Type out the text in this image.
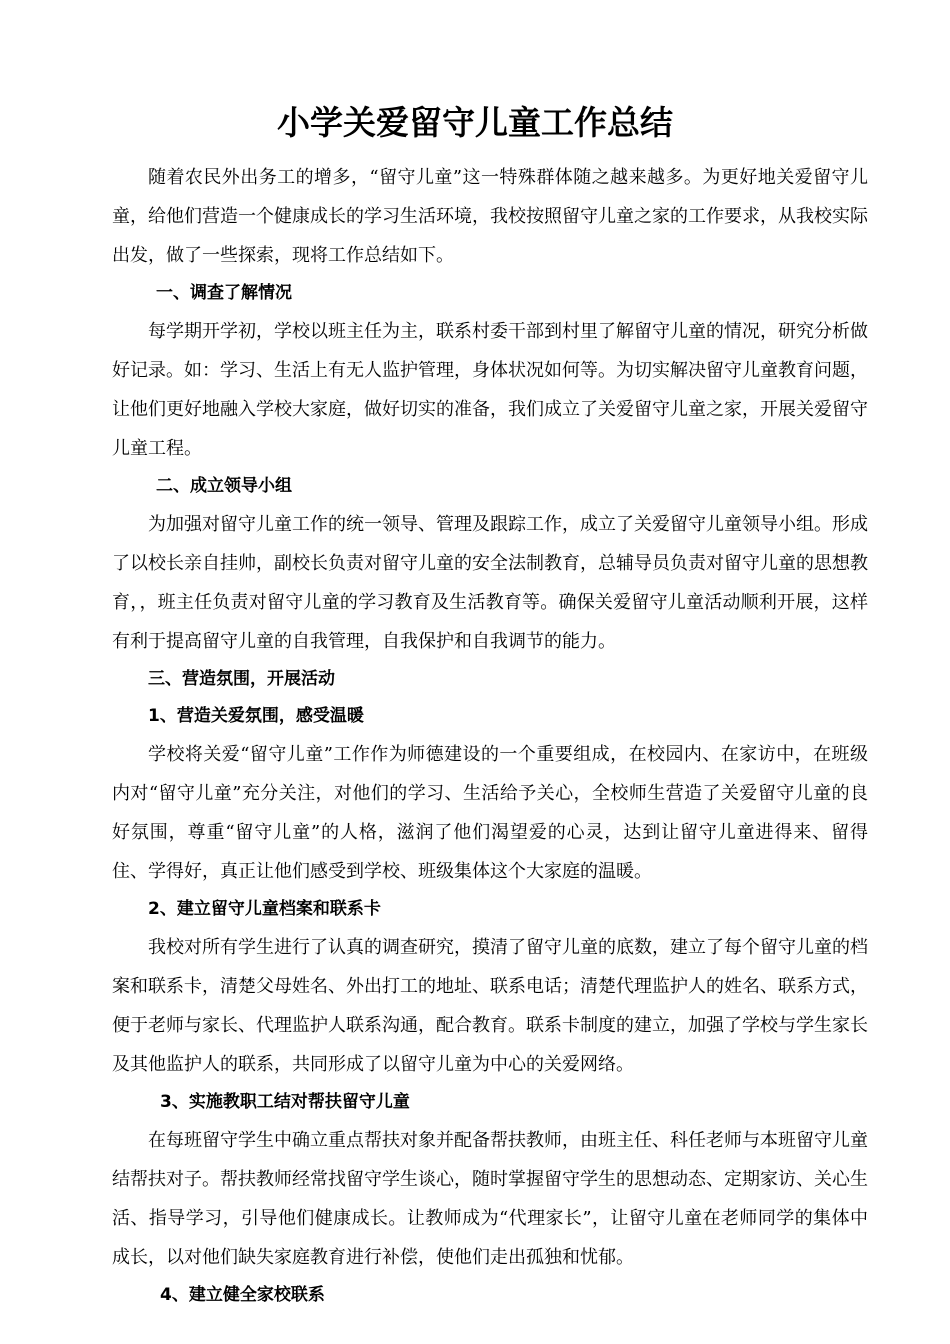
小学关爱留守儿童工作总结

随着农民外出务工的增多，“留守儿童”这一特殊群体随之越来越多。为更好地关爱留守儿童，给他们营造一个健康成长的学习生活环境，我校按照留守儿童之家的工作要求，从我校实际出发，做了一些探索，现将工作总结如下。

一、调查了解情况

每学期开学初，学校以班主任为主，联系村委干部到村里了解留守儿童的情况，研究分析做好记录。如：学习、生活上有无人监护管理，身体状况如何等。为切实解决留守儿童教育问题，让他们更好地融入学校大家庭，做好切实的准备，我们成立了关爱留守儿童之家，开展关爱留守儿童工程。

二、成立领导小组

为加强对留守儿童工作的统一领导、管理及跟踪工作，成立了关爱留守儿童领导小组。形成了以校长亲自挂帅，副校长负责对留守儿童的安全法制教育，总辅导员负责对留守儿童的思想教育，，班主任负责对留守儿童的学习教育及生活教育等。确保关爱留守儿童活动顺利开展，这样有利于提高留守儿童的自我管理，自我保护和自我调节的能力。

三、营造氛围，开展活动

1、营造关爱氛围，感受温暖

学校将关爱“留守儿童”工作作为师德建设的一个重要组成，在校园内、在家访中，在班级内对“留守儿童”充分关注，对他们的学习、生活给予关心，全校师生营造了关爱留守儿童的良好氛围，尊重“留守儿童”的人格，滋润了他们渴望爱的心灵，达到让留守儿童进得来、留得住、学得好，真正让他们感受到学校、班级集体这个大家庭的温暖。

2、建立留守儿童档案和联系卡

我校对所有学生进行了认真的调查研究，摸清了留守儿童的底数，建立了每个留守儿童的档案和联系卡，清楚父母姓名、外出打工的地址、联系电话；清楚代理监护人的姓名、联系方式，便于老师与家长、代理监护人联系沟通，配合教育。联系卡制度的建立，加强了学校与学生家长及其他监护人的联系，共同形成了以留守儿童为中心的关爱网络。

3、实施教职工结对帮扶留守儿童

在每班留守学生中确立重点帮扶对象并配备帮扶教师，由班主任、科任老师与本班留守儿童结帮扶对子。帮扶教师经常找留守学生谈心，随时掌握留守学生的思想动态、定期家访、关心生活、指导学习，引导他们健康成长。让教师成为“代理家长”，让留守儿童在老师同学的集体中成长，以对他们缺失家庭教育进行补偿，使他们走出孤独和忧郁。

4、建立健全家校联系
